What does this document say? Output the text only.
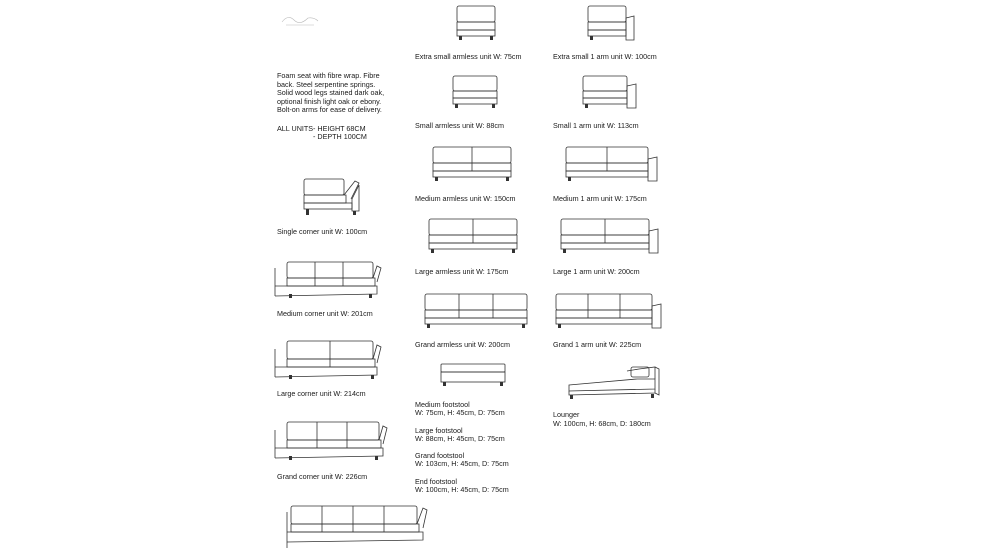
Foam seat with fibre wrap. Fibre
back. Steel serpentine springs.
Solid wood legs stained dark oak,
optional finish light oak or ebony.
Bolt-on arms for ease of delivery.
ALL UNITS - HEIGHT 68CM
- DEPTH 100CM
Extra small armless unit W: 75cm
Small armless unit W: 88cm
Medium armless unit W: 150cm
Large armless unit W: 175cm
Grand armless unit W: 200cm
Medium footstool
W: 75cm, H: 45cm, D: 75cm
Large footstool
W: 88cm, H: 45cm, D: 75cm
Grand footstool
W: 103cm, H: 45cm, D: 75cm
End footstool
W: 100cm, H: 45cm, D: 75cm
Extra small 1 arm unit W: 100cm
Small 1 arm unit W: 113cm
Medium 1 arm unit W: 175cm
Large 1 arm unit W: 200cm
Grand 1 arm unit W: 225cm
Lounger
W: 100cm, H: 68cm, D: 180cm
Single corner unit W: 100cm
Medium corner unit W: 201cm
Large corner unit W: 214cm
Grand corner unit W: 226cm
